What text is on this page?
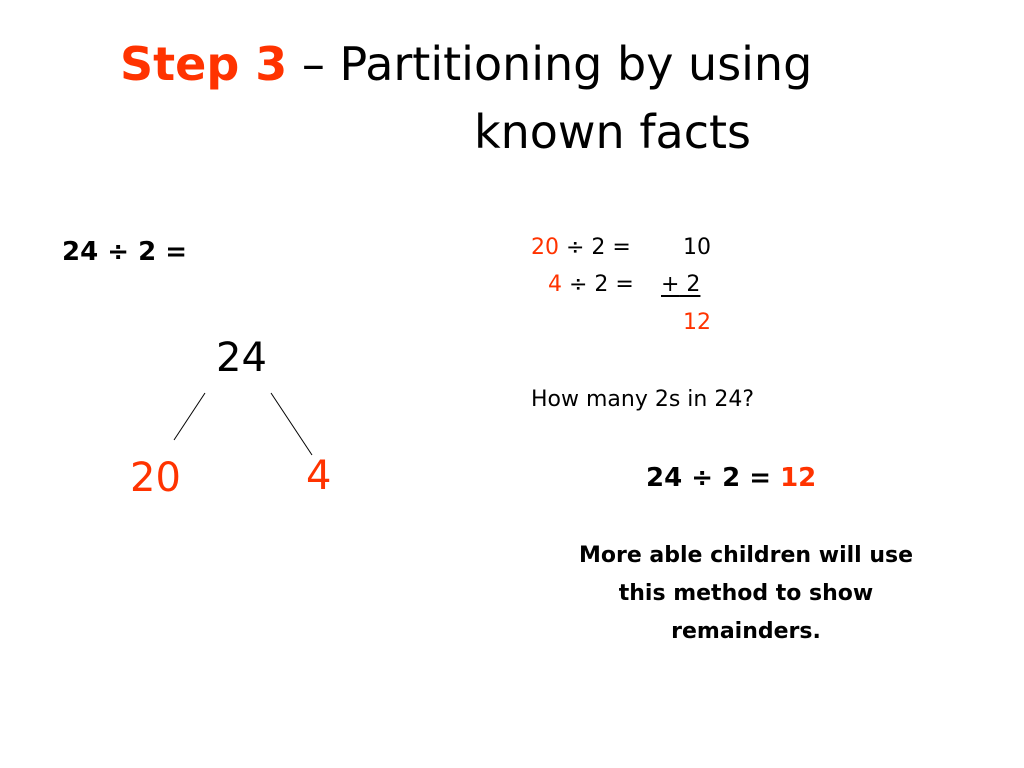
Step 3 – Partitioning by using
known facts
24 ÷ 2 =
24
20	4
20 ÷ 2 = 10
4 ÷ 2 = + 2
12
How many 2s in 24?
24 ÷ 2 = 12
More able children will use this method to show remainders.
